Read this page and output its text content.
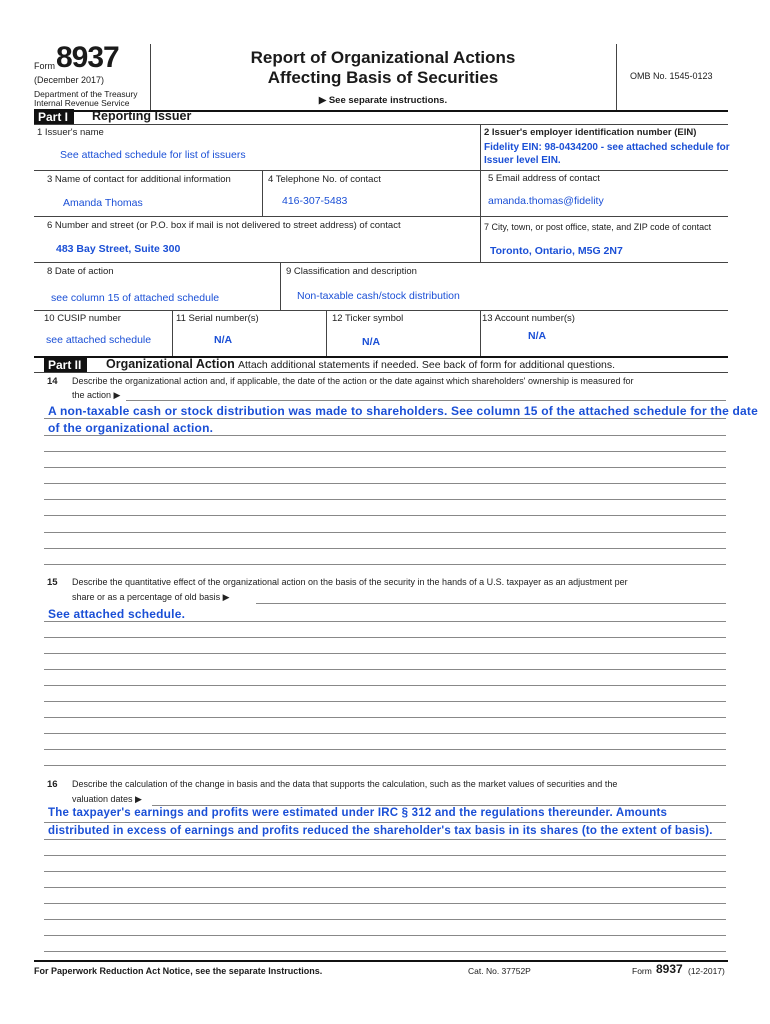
Form 8937
(December 2017)
Department of the Treasury
Internal Revenue Service
Report of Organizational Actions
Affecting Basis of Securities
▶ See separate instructions.
OMB No. 1545-0123
Part I	Reporting Issuer
1 Issuer's name
See attached schedule for list of issuers
2 Issuer's employer identification number (EIN)
Fidelity EIN: 98-0434200 - see attached schedule for
Issuer level EIN.
3 Name of contact for additional information
Amanda Thomas
4 Telephone No. of contact
416-307-5483
5 Email address of contact
amanda.thomas@fidelity
6 Number and street (or P.O. box if mail is not delivered to street address) of contact
483 Bay Street, Suite 300
7 City, town, or post office, state, and ZIP code of contact
Toronto, Ontario, M5G 2N7
8 Date of action
see column 15 of attached schedule
9 Classification and description
Non-taxable cash/stock distribution
10 CUSIP number
see attached schedule
11 Serial number(s)
N/A
12 Ticker symbol
N/A
13 Account number(s)
N/A
Part II	Organizational Action Attach additional statements if needed. See back of form for additional questions.
14 Describe the organizational action and, if applicable, the date of the action or the date against which shareholders' ownership is measured for
the action ▶
A non-taxable cash or stock distribution was made to shareholders. See column 15 of the attached schedule for the date
of the organizational action.
15 Describe the quantitative effect of the organizational action on the basis of the security in the hands of a U.S. taxpayer as an adjustment per
share or as a percentage of old basis ▶
See attached schedule.
16 Describe the calculation of the change in basis and the data that supports the calculation, such as the market values of securities and the
valuation dates ▶
The taxpayer's earnings and profits were estimated under IRC § 312 and the regulations thereunder. Amounts
distributed in excess of earnings and profits reduced the shareholder's tax basis in its shares (to the extent of basis).
For Paperwork Reduction Act Notice, see the separate Instructions.	Cat. No. 37752P	Form 8937 (12-2017)
